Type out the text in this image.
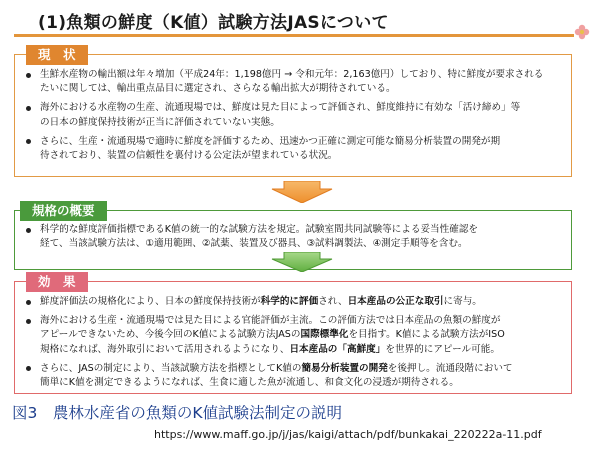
(1)魚類の鮮度（K値）試験方法JASについて
現　状
生鮮水産物の輸出額は年々増加（平成24年：1,198億円 → 令和元年：2,163億円）しており、特に鮮度が要求される
たいに関しては、輸出重点品目に選定され、さらなる輸出拡大が期待されている。
海外における水産物の生産、流通現場では、鮮度は見た目によって評価され、鮮度維持に有効な「活け締め」等
の日本の鮮度保持技術が正当に評価されていない実態。
さらに、生産・流通現場で適時に鮮度を評価するため、迅速かつ正確に測定可能な簡易分析装置の開発が期
待されており、装置の信頼性を裏付ける公定法が望まれている状況。
規格の概要
科学的な鮮度評価指標であるK値の統一的な試験方法を規定。試験室間共同試験等による妥当性確認を
経て、当該試験方法は、①適用範囲、②試薬、装置及び器具、③試料調製法、④測定手順等を含む。
効　果
鮮度評価法の規格化により、日本の鮮度保持技術が科学的に評価され、日本産品の公正な取引に寄与。
海外における生産・流通現場では見た目による官能評価が主流。この評価方法では日本産品の魚類の鮮度が
アピールできないため、今後今回のK値による試験方法JASの国際標準化を目指す。K値による試験方法がISO
規格になれば、海外取引において活用されるようになり、日本産品の「高鮮度」を世界的にアピール可能。
さらに、JASの制定により、当該試験方法を指標としてK値の簡易分析装置の開発を後押し。流通段階において
簡単にK値を測定できるようになれば、生食に適した魚が流通し、和食文化の浸透が期待される。
図3　農林水産省の魚類のK値試験法制定の説明
https://www.maff.go.jp/j/jas/kaigi/attach/pdf/bunkakai_220222a-11.pdf
